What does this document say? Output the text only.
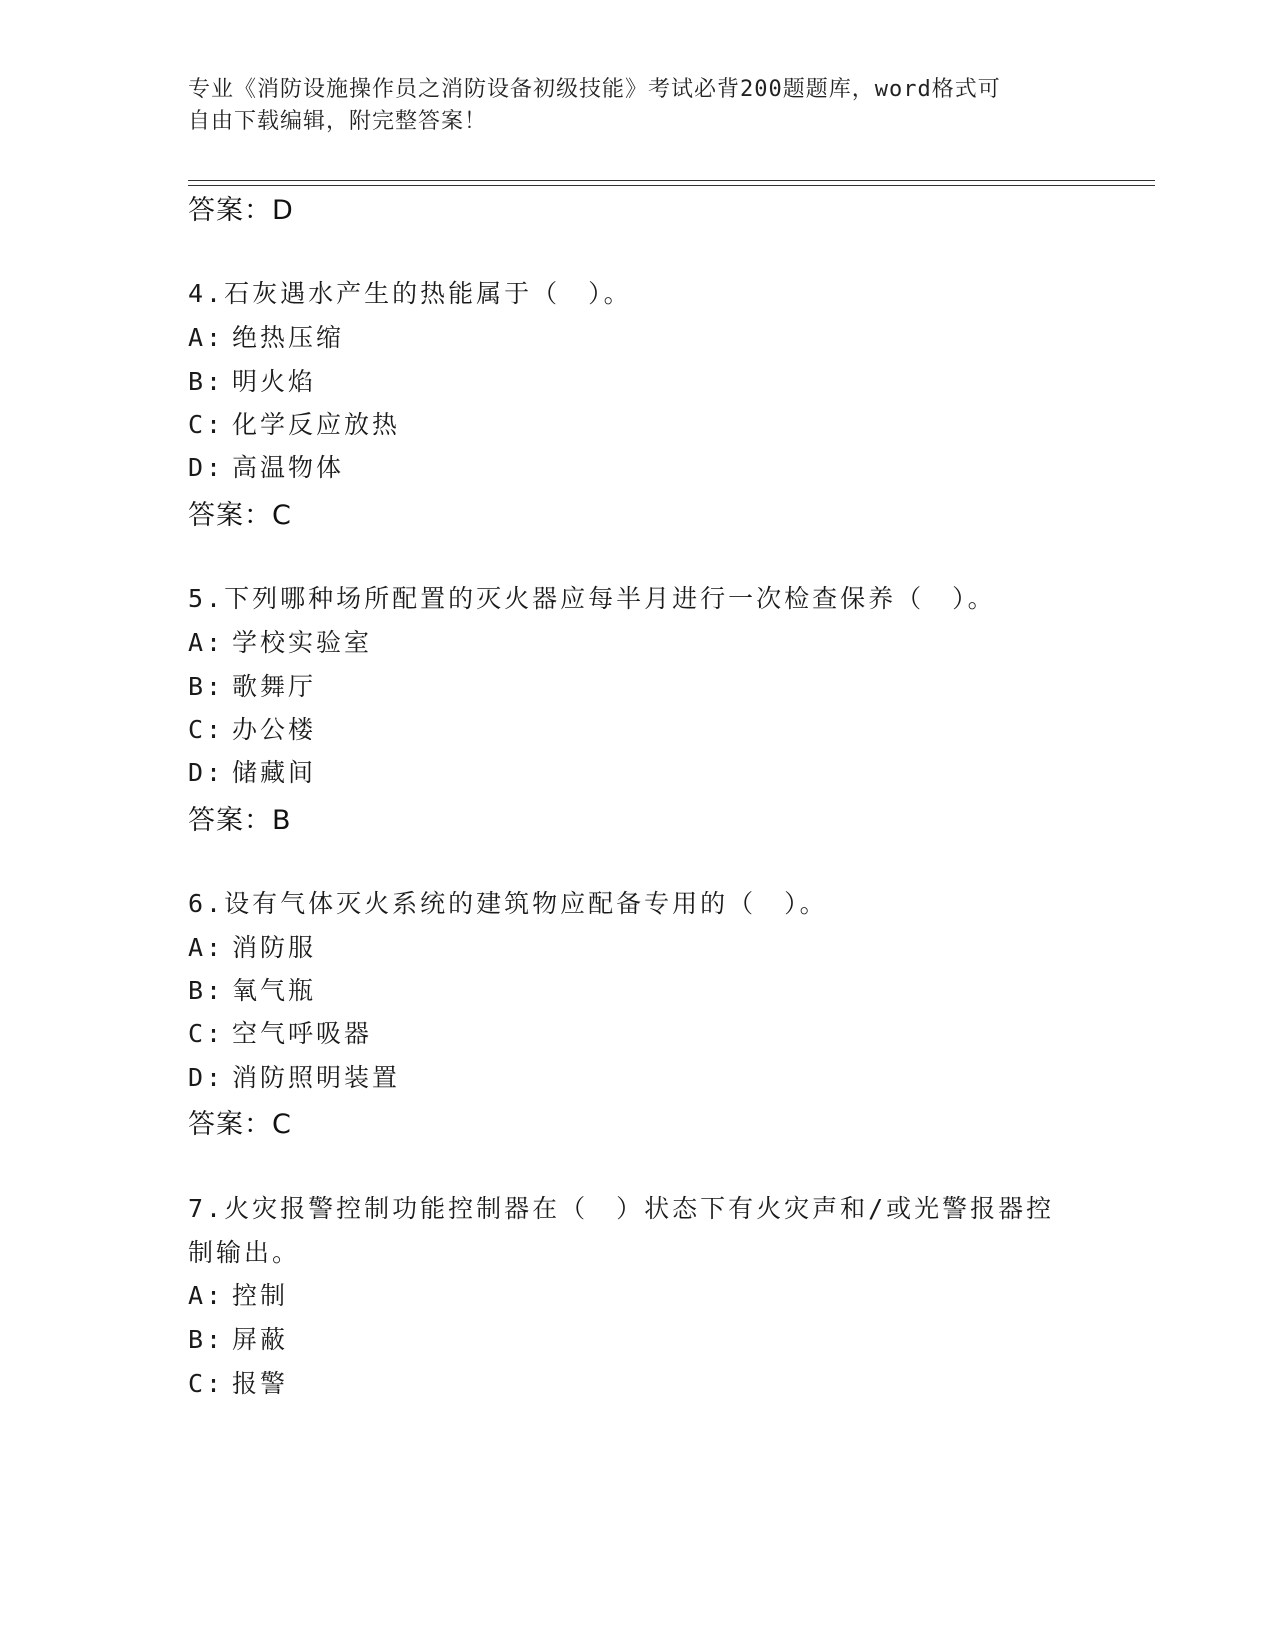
专业《消防设施操作员之消防设备初级技能》考试必背200题题库，word格式可
自由下载编辑，附完整答案！
答案：D
4.石灰遇水产生的热能属于（　）。
A: 绝热压缩
B: 明火焰
C: 化学反应放热
D: 高温物体
答案：C
5.下列哪种场所配置的灭火器应每半月进行一次检查保养（　）。
A: 学校实验室
B: 歌舞厅
C: 办公楼
D: 储藏间
答案：B
6.设有气体灭火系统的建筑物应配备专用的（　）。
A: 消防服
B: 氧气瓶
C: 空气呼吸器
D: 消防照明装置
答案：C
7.火灾报警控制功能控制器在（　）状态下有火灾声和/或光警报器控
制输出。
A: 控制
B: 屏蔽
C: 报警
